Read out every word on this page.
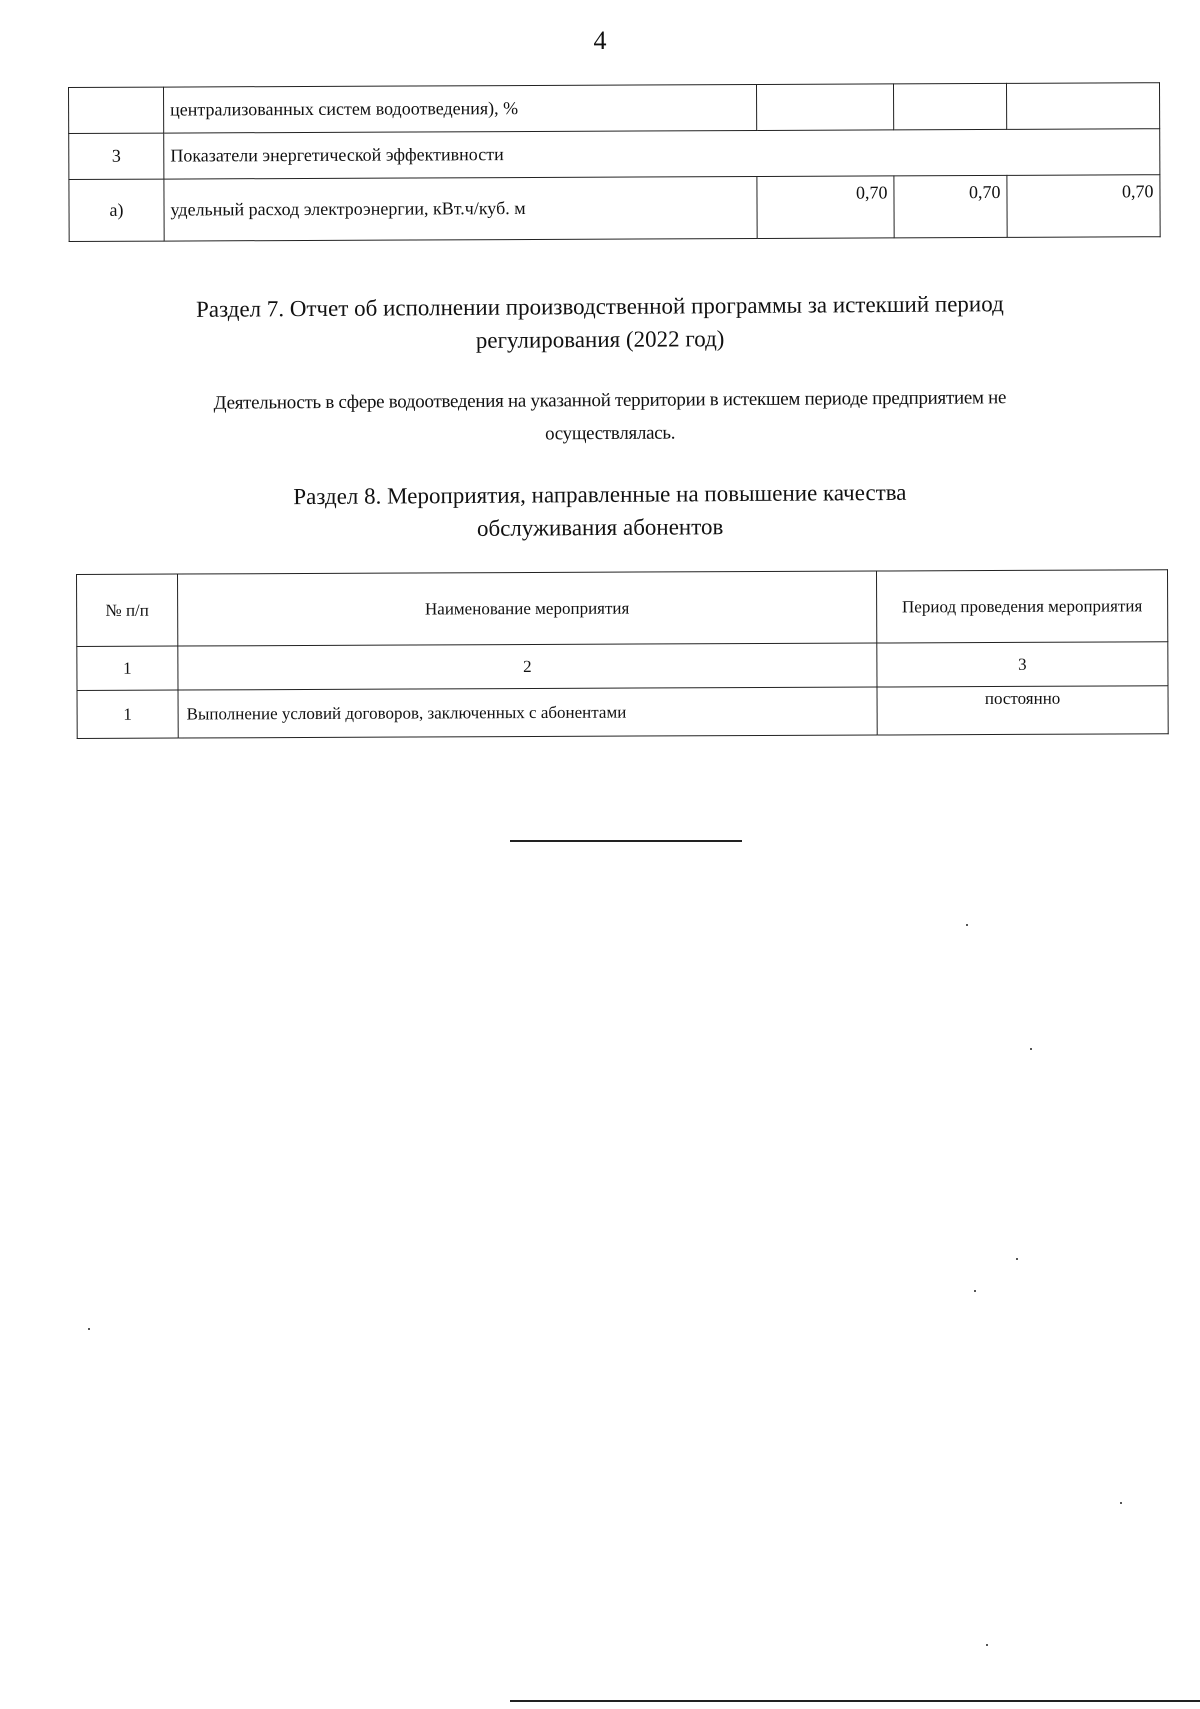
4
	централизованных систем водоотведения), %			
3	Показатели энергетической эффективности			
а)	удельный расход электроэнергии, кВт.ч/куб. м	0,70	0,70	0,70
Раздел 7. Отчет об исполнении производственной программы за истекший период
регулирования (2022 год)
Деятельность в сфере водоотведения на указанной территории в истекшем периоде предприятием не
осуществлялась.
Раздел 8. Мероприятия, направленные на повышение качества
обслуживания абонентов
№ п/п	Наименование мероприятия	Период проведения мероприятия
1	2	3
1	Выполнение условий договоров, заключенных с абонентами	постоянно
